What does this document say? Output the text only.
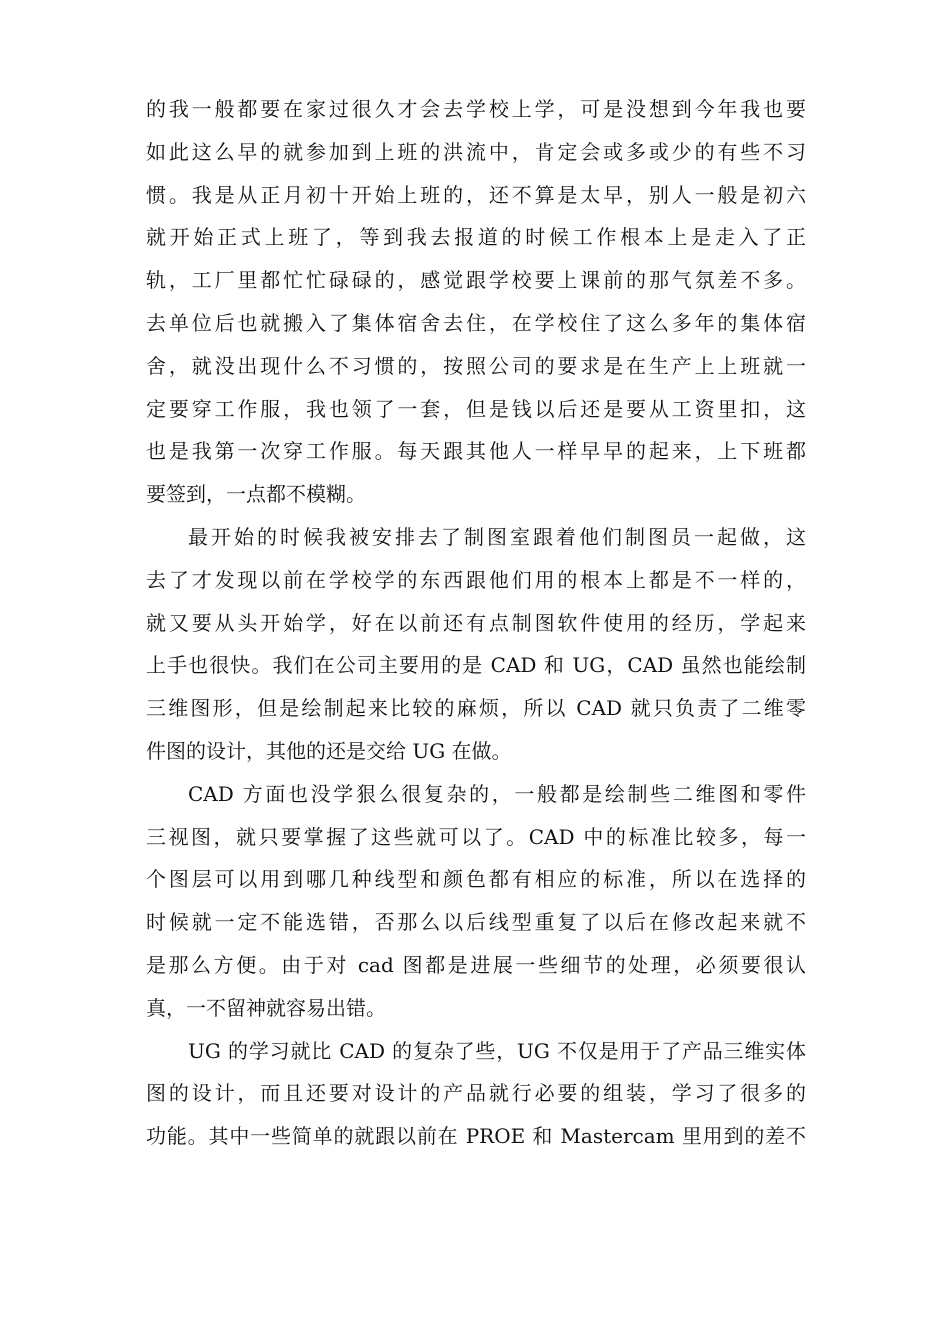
的我一般都要在家过很久才会去学校上学，可是没想到今年我也要
如此这么早的就参加到上班的洪流中，肯定会或多或少的有些不习
惯。我是从正月初十开始上班的，还不算是太早，别人一般是初六
就开始正式上班了，等到我去报道的时候工作根本上是走入了正
轨，工厂里都忙忙碌碌的，感觉跟学校要上课前的那气氛差不多。
去单位后也就搬入了集体宿舍去住，在学校住了这么多年的集体宿
舍，就没出现什么不习惯的，按照公司的要求是在生产上上班就一
定要穿工作服，我也领了一套，但是钱以后还是要从工资里扣，这
也是我第一次穿工作服。每天跟其他人一样早早的起来，上下班都
要签到，一点都不模糊。
最开始的时候我被安排去了制图室跟着他们制图员一起做，这
去了才发现以前在学校学的东西跟他们用的根本上都是不一样的，
就又要从头开始学，好在以前还有点制图软件使用的经历，学起来
上手也很快。我们在公司主要用的是 CAD 和 UG，CAD 虽然也能绘制
三维图形，但是绘制起来比较的麻烦，所以 CAD 就只负责了二维零
件图的设计，其他的还是交给 UG 在做。
CAD 方面也没学狠么很复杂的，一般都是绘制些二维图和零件
三视图，就只要掌握了这些就可以了。CAD 中的标准比较多，每一
个图层可以用到哪几种线型和颜色都有相应的标准，所以在选择的
时候就一定不能选错，否那么以后线型重复了以后在修改起来就不
是那么方便。由于对 cad 图都是进展一些细节的处理，必须要很认
真，一不留神就容易出错。
UG 的学习就比 CAD 的复杂了些，UG 不仅是用于了产品三维实体
图的设计，而且还要对设计的产品就行必要的组装，学习了很多的
功能。其中一些简单的就跟以前在 PROE 和 Mastercam 里用到的差不
